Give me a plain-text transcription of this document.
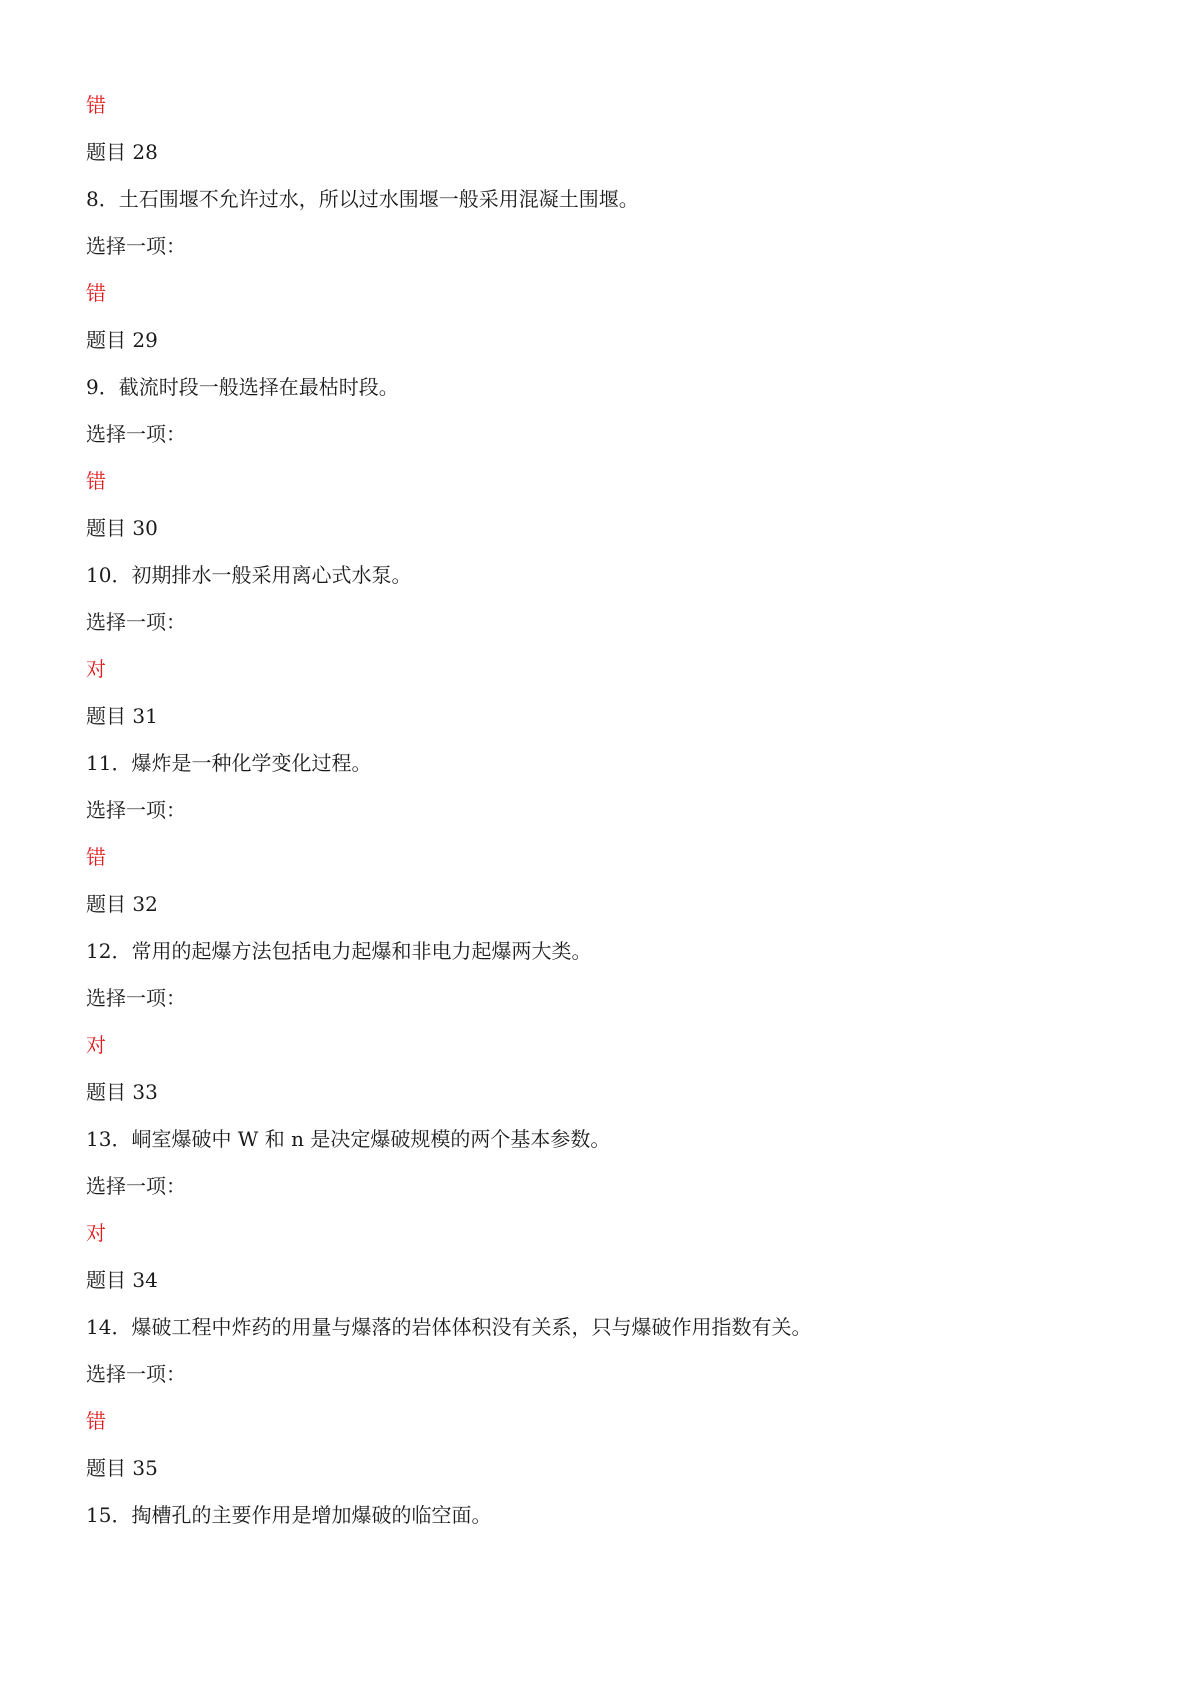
错
题目 28
8．土石围堰不允许过水，所以过水围堰一般采用混凝土围堰。
选择一项：
错
题目 29
9．截流时段一般选择在最枯时段。
选择一项：
错
题目 30
10．初期排水一般采用离心式水泵。
选择一项：
对
题目 31
11．爆炸是一种化学变化过程。
选择一项：
错
题目 32
12．常用的起爆方法包括电力起爆和非电力起爆两大类。
选择一项：
对
题目 33
13．峒室爆破中 W 和 n 是决定爆破规模的两个基本参数。
选择一项：
对
题目 34
14．爆破工程中炸药的用量与爆落的岩体体积没有关系，只与爆破作用指数有关。
选择一项：
错
题目 35
15．掏槽孔的主要作用是增加爆破的临空面。
